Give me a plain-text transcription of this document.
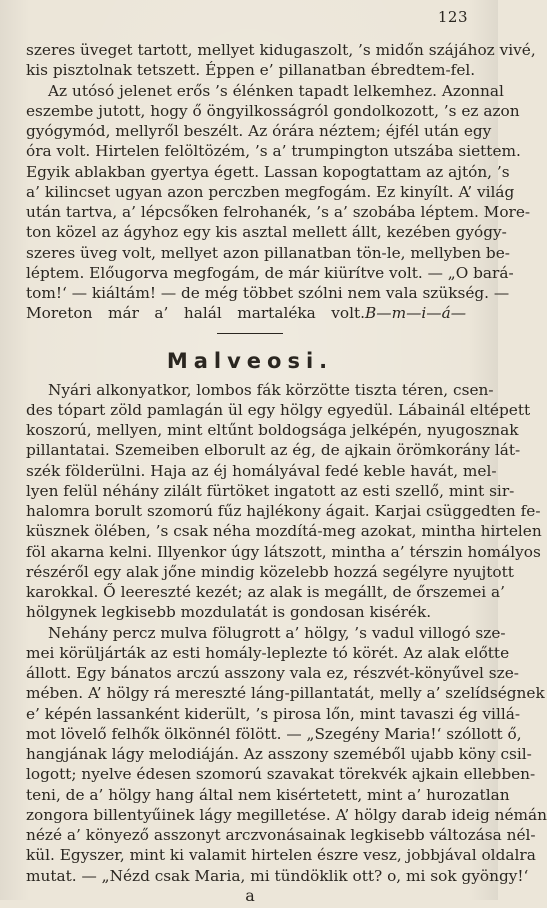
123
szeres üveget tartott, mellyet kidugaszolt, ’s midőn szájához vivé,
kis pisztolnak tetszett. Éppen e’ pillanatban ébredtem-fel.
Az utósó jelenet erős ’s élénken tapadt lelkemhez. Azonnal
eszembe jutott, hogy ő öngyilkosságról gondolkozott, ’s ez azon
gyógymód, mellyről beszélt. Az órára néztem; éjfél után egy
óra volt. Hirtelen felöltözém, ’s a’ trumpington utszába siettem.
Egyik ablakban gyertya égett. Lassan kopogtattam az ajtón, ’s
a’ kilincset ugyan azon perczben megfogám. Ez kinyílt. A’ világ
után tartva, a’ lépcsőken felrohanék, ’s a’ szobába léptem. More-
ton közel az ágyhoz egy kis asztal mellett állt, kezében gyógy-
szeres üveg volt, mellyet azon pillanatban tön-le, mellyben be-
léptem. Előugorva megfogám, de már kiürítve volt. — „O bará-
tom!‘ — kiáltám! — de még többet szólni nem vala szükség. —
Moreton már a’ halál martaléka volt. B—m—i—á—
Malveosi.
Nyári alkonyatkor, lombos fák körzötte tiszta téren, csen-
des tópart zöld pamlagán ül egy hölgy egyedül. Lábainál eltépett
koszorú, mellyen, mint eltűnt boldogsága jelképén, nyugosznak
pillantatai. Szemeiben elborult az ég, de ajkain örömkorány lát-
szék földerülni. Haja az éj homályával fedé keble havát, mel-
lyen felül néhány zilált fürtöket ingatott az esti szellő, mint sir-
halomra borult szomorú fűz hajlékony ágait. Karjai csüggedten fe-
küsznek ölében, ’s csak néha mozdítá-meg azokat, mintha hirtelen
föl akarna kelni. Illyenkor úgy látszott, mintha a’ térszin homályos
részéről egy alak jőne mindig közelebb hozzá segélyre nyujtott
karokkal. Ő leereszté kezét; az alak is megállt, de őrszemei a’
hölgynek legkisebb mozdulatát is gondosan kisérék.
Nehány percz mulva fölugrott a’ hölgy, ’s vadul villogó sze-
mei körüljárták az esti homály-leplezte tó körét. Az alak előtte
állott. Egy bánatos arczú asszony vala ez, részvét-könyűvel sze-
mében. A’ hölgy rá mereszté láng-pillantatát, melly a’ szelídségnek
e’ képén lassanként kiderült, ’s pirosa lőn, mint tavaszi ég villá-
mot lövelő felhők ölkönnél fölött. — „Szegény Maria!‘ szóllott ő,
hangjának lágy melodiáján. Az asszony szeméből ujabb köny csil-
logott; nyelve édesen szomorú szavakat törekvék ajkain ellebben-
teni, de a’ hölgy hang által nem kisértetett, mint a’ hurozatlan
zongora billentyűinek lágy megilletése. A’ hölgy darab ideig némán
nézé a’ könyező asszonyt arczvonásainak legkisebb változása nél-
kül. Egyszer, mint ki valamit hirtelen észre vesz, jobbjával oldalra
mutat. — „Nézd csak Maria, mi tündöklik ott? o, mi sok gyöngy!‘
a
